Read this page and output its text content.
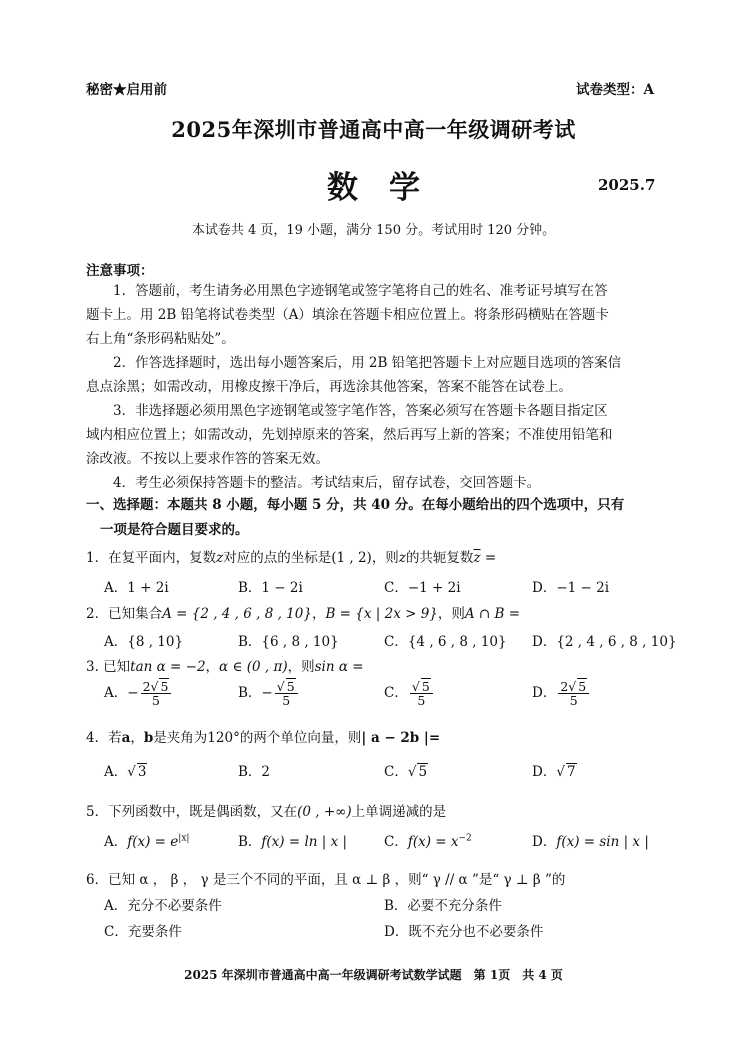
秘密★启用前	试卷类型：A
2025年深圳市普通高中高一年级调研考试
数　学	2025.7
本试卷共 4 页，19 小题，满分 150 分。考试用时 120 分钟。
注意事项：
　　1．答题前，考生请务必用黑色字迹钢笔或签字笔将自己的姓名、准考证号填写在答
题卡上。用 2B 铅笔将试卷类型（A）填涂在答题卡相应位置上。将条形码横贴在答题卡
右上角“条形码粘贴处”。
　　2．作答选择题时，选出每小题答案后，用 2B 铅笔把答题卡上对应题目选项的答案信
息点涂黑；如需改动，用橡皮擦干净后，再选涂其他答案，答案不能答在试卷上。
　　3．非选择题必须用黑色字迹钢笔或签字笔作答，答案必须写在答题卡各题目指定区
域内相应位置上；如需改动，先划掉原来的答案，然后再写上新的答案；不准使用铅笔和
涂改液。不按以上要求作答的答案无效。
　　4．考生必须保持答题卡的整洁。考试结束后，留存试卷，交回答题卡。
一、选择题：本题共 8 小题，每小题 5 分，共 40 分。在每小题给出的四个选项中，只有
一项是符合题目要求的。
1．在复平面内，复数z对应的点的坐标是(1 , 2)，则z的共轭复数$\overline{z}$ =
A．1 + 2i	B．1 − 2i	C．−1 + 2i	D．−1 − 2i
2．已知集合A = {2 , 4 , 6 , 8 , 10}，B = {x | 2x > 9}，则A ∩ B =
A．{8 , 10}	B．{6 , 8 , 10}	C．{4 , 6 , 8 , 10} D．{2 , 4 , 6 , 8 , 10}
3. 已知tan α = −2，α ∈ (0 , π)，则sin α =
A．− $\frac{2√ 5}{5}$	B．− $\frac{√ 5}{5}$	C． $\frac{√ 5}{5}$	D． $\frac{2√ 5}{5}$
4．若a，b是夹角为120°的两个单位向量，则| a − 2b |=
A．√ 3	B．2	C．√ 5	D．√ 7
5．下列函数中，既是偶函数，又在(0 , +∞)上单调递减的是
A．$f(x) = e^{|x|}$	B．f(x) = ln | x |	C．$f(x) = x^{-2}$	D．f(x) = sin | x |
6．已知 α ， β ， γ 是三个不同的平面，且 α ⊥ β ，则“ γ // α ”是“ γ ⊥ β ”的
A．充分不必要条件	B．必要不充分条件
C．充要条件	D．既不充分也不必要条件
2025 年深圳市普通高中高一年级调研考试数学试题　第 1页　共 4 页
